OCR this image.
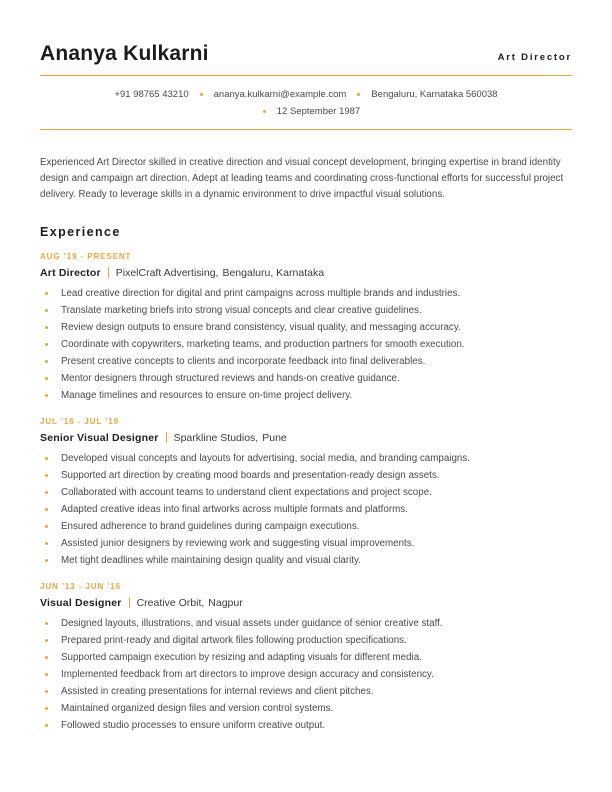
Ananya Kulkarni	Art Director
+91 98765 43210	ananya.kulkarni@example.com	Bengaluru, Karnataka 560038
12 September 1987
Experienced Art Director skilled in creative direction and visual concept development, bringing expertise in brand identity design and campaign art direction. Adept at leading teams and coordinating cross-functional efforts for successful project delivery. Ready to leverage skills in a dynamic environment to drive impactful visual solutions.
Experience
AUG ’19 - PRESENT
Art Director PixelCraft Advertising, Bengaluru, Karnataka
Lead creative direction for digital and print campaigns across multiple brands and industries.
Translate marketing briefs into strong visual concepts and clear creative guidelines.
Review design outputs to ensure brand consistency, visual quality, and messaging accuracy.
Coordinate with copywriters, marketing teams, and production partners for smooth execution.
Present creative concepts to clients and incorporate feedback into final deliverables.
Mentor designers through structured reviews and hands-on creative guidance.
Manage timelines and resources to ensure on-time project delivery.
JUL ’16 - JUL ’19
Senior Visual Designer Sparkline Studios, Pune
Developed visual concepts and layouts for advertising, social media, and branding campaigns.
Supported art direction by creating mood boards and presentation-ready design assets.
Collaborated with account teams to understand client expectations and project scope.
Adapted creative ideas into final artworks across multiple formats and platforms.
Ensured adherence to brand guidelines during campaign executions.
Assisted junior designers by reviewing work and suggesting visual improvements.
Met tight deadlines while maintaining design quality and visual clarity.
JUN ’13 - JUN ’16
Visual Designer Creative Orbit, Nagpur
Designed layouts, illustrations, and visual assets under guidance of senior creative staff.
Prepared print-ready and digital artwork files following production specifications.
Supported campaign execution by resizing and adapting visuals for different media.
Implemented feedback from art directors to improve design accuracy and consistency.
Assisted in creating presentations for internal reviews and client pitches.
Maintained organized design files and version control systems.
Followed studio processes to ensure uniform creative output.
